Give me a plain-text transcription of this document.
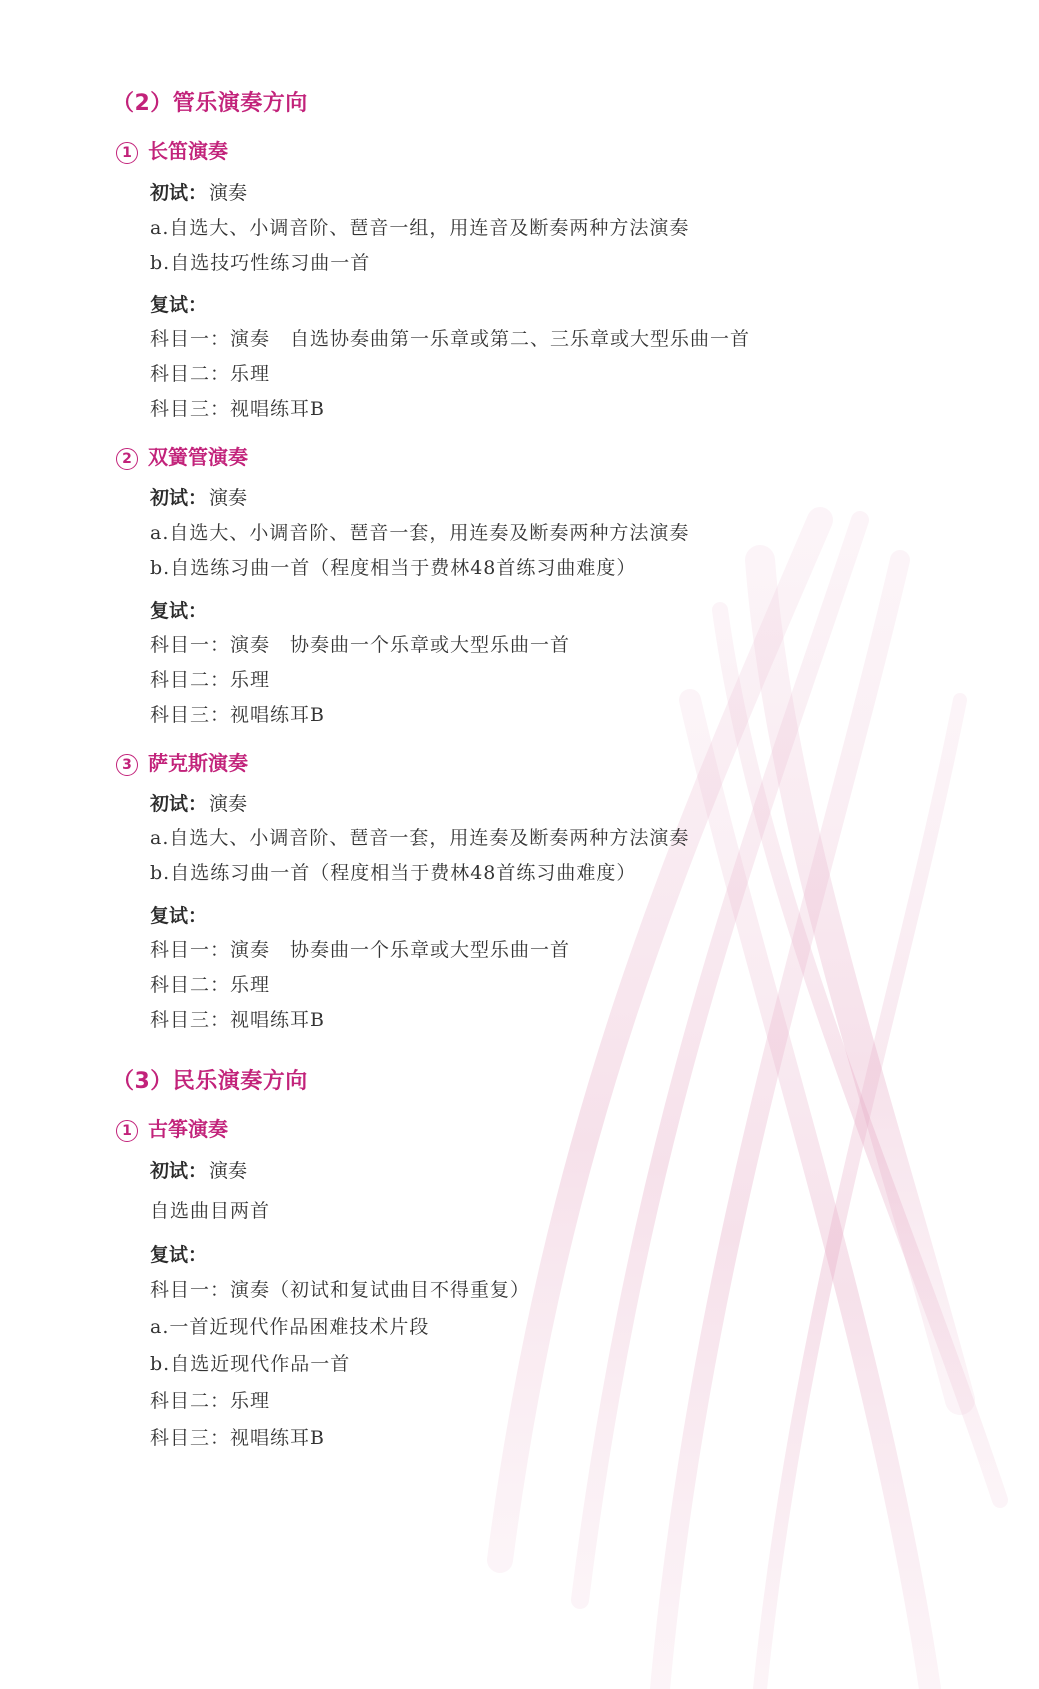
（2）管乐演奏方向
1 长笛演奏
初试： 演奏
a.自选大、小调音阶、琶音一组，用连音及断奏两种方法演奏
b.自选技巧性练习曲一首
复试：
科目一：演奏　自选协奏曲第一乐章或第二、三乐章或大型乐曲一首
科目二：乐理
科目三：视唱练耳B
2 双簧管演奏
初试： 演奏
a.自选大、小调音阶、琶音一套，用连奏及断奏两种方法演奏
b.自选练习曲一首（程度相当于费林48首练习曲难度）
复试：
科目一：演奏　协奏曲一个乐章或大型乐曲一首
科目二：乐理
科目三：视唱练耳B
3 萨克斯演奏
初试： 演奏
a.自选大、小调音阶、琶音一套，用连奏及断奏两种方法演奏
b.自选练习曲一首（程度相当于费林48首练习曲难度）
复试：
科目一：演奏　协奏曲一个乐章或大型乐曲一首
科目二：乐理
科目三：视唱练耳B
（3）民乐演奏方向
1 古筝演奏
初试： 演奏
自选曲目两首
复试：
科目一：演奏（初试和复试曲目不得重复）
a.一首近现代作品困难技术片段
b.自选近现代作品一首
科目二：乐理
科目三：视唱练耳B
